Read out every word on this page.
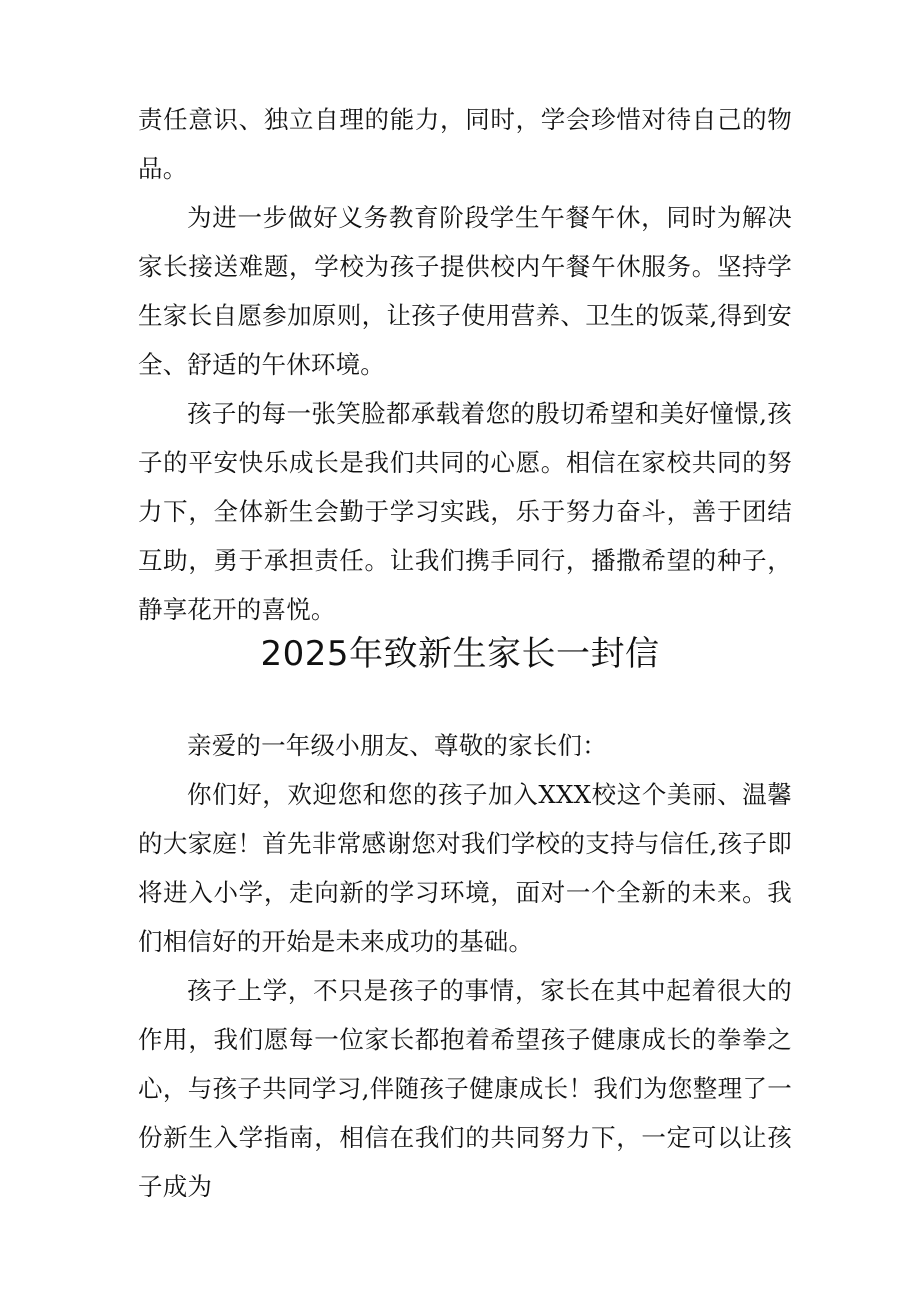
责任意识、独立自理的能力，同时，学会珍惜对待自己的物品。

为进一步做好义务教育阶段学生午餐午休，同时为解决家长接送难题，学校为孩子提供校内午餐午休服务。坚持学生家长自愿参加原则，让孩子使用营养、卫生的饭菜,得到安全、舒适的午休环境。

孩子的每一张笑脸都承载着您的殷切希望和美好憧憬,孩子的平安快乐成长是我们共同的心愿。相信在家校共同的努力下，全体新生会勤于学习实践，乐于努力奋斗，善于团结互助，勇于承担责任。让我们携手同行，播撒希望的种子，静享花开的喜悦。

2025年致新生家长一封信

亲爱的一年级小朋友、尊敬的家长们：

你们好，欢迎您和您的孩子加入XXX校这个美丽、温馨的大家庭！首先非常感谢您对我们学校的支持与信任,孩子即将进入小学，走向新的学习环境，面对一个全新的未来。我们相信好的开始是未来成功的基础。

孩子上学，不只是孩子的事情，家长在其中起着很大的作用，我们愿每一位家长都抱着希望孩子健康成长的拳拳之心，与孩子共同学习,伴随孩子健康成长！我们为您整理了一份新生入学指南，相信在我们的共同努力下，一定可以让孩子成为
